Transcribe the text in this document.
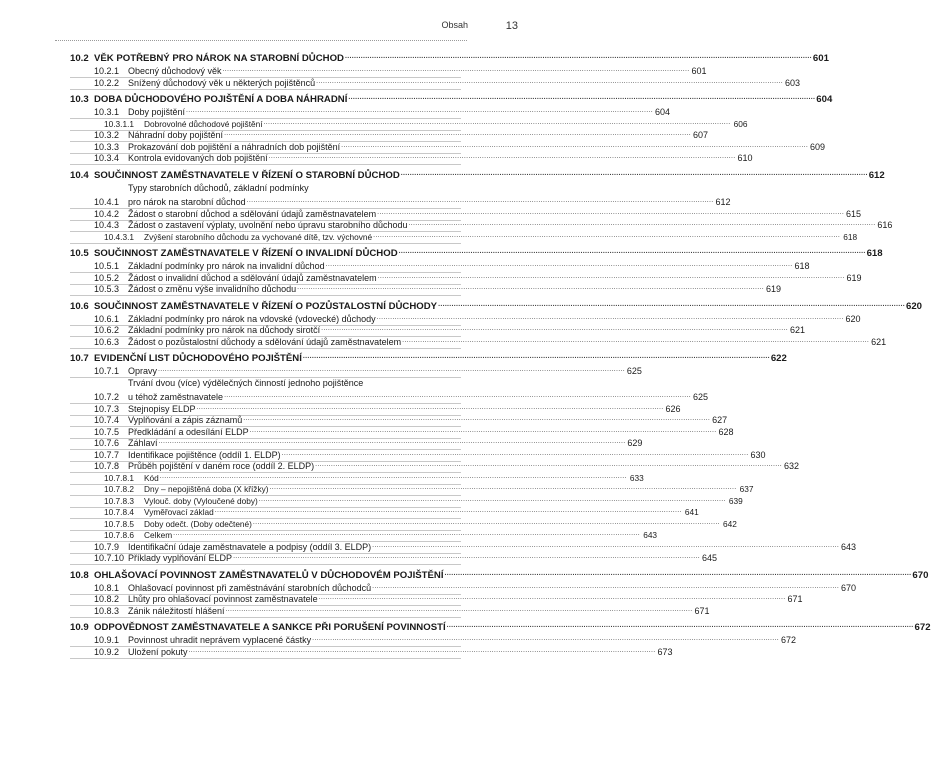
Obsah	13
10.2 VĚK POTŘEBNÝ PRO NÁROK NA STAROBNÍ DŮCHOD .....	601
10.2.1 Obecný důchodový věk .....	601
10.2.2 Snížený důchodový věk u některých pojištěnců .....	603
10.3 DOBA DŮCHODOVÉHO POJIŠTĚNÍ A DOBA NÁHRADNÍ .....	604
10.3.1 Doby pojištění .....	604
10.3.1.1	Dobrovolné důchodové pojištění .....	606
10.3.2 Náhradní doby pojištění .....	607
10.3.3 Prokazování dob pojištění a náhradních dob pojištění .....	609
10.3.4 Kontrola evidovaných dob pojištění .....	610
10.4 SOUČINNOST ZAMĚSTNAVATELE V ŘÍZENÍ O STAROBNÍ DŮCHOD .....	612
10.4.1
Typy starobních důchodů, základní podmínky
pro nárok na starobní důchod .....	612
10.4.2 Žádost o starobní důchod a sdělování údajů zaměstnavatelem .....	615
10.4.3 Žádost o zastavení výplaty, uvolnění nebo úpravu starobního důchodu .....	616
10.4.3.1	Zvýšení starobního důchodu za vychované dítě, tzv. výchovné .....	618
10.5 SOUČINNOST ZAMĚSTNAVATELE V ŘÍZENÍ O INVALIDNÍ DŮCHOD .....	618
10.5.1 Základní podmínky pro nárok na invalidní důchod .....	618
10.5.2 Žádost o invalidní důchod a sdělování údajů zaměstnavatelem .....	619
10.5.3 Žádost o změnu výše invalidního důchodu .....	619
10.6 SOUČINNOST ZAMĚSTNAVATELE V ŘÍZENÍ O POZŮSTALOSTNÍ DŮCHODY .....	620
10.6.1 Základní podmínky pro nárok na vdovské (vdovecké) důchody .....	620
10.6.2 Základní podmínky pro nárok na důchody sirotčí .....	621
10.6.3 Žádost o pozůstalostní důchody a sdělování údajů zaměstnavatelem .....	621
10.7 EVIDENČNÍ LIST DŮCHODOVÉHO POJIŠTĚNÍ .....	622
10.7.1 Opravy .....	625
10.7.2
Trvání dvou (více) výdělečných činností jednoho pojištěnce
u téhož zaměstnavatele .....	625
10.7.3 Stejnopisy ELDP .....	626
10.7.4 Vyplňování a zápis záznamů .....	627
10.7.5 Předkládání a odesílání ELDP .....	628
10.7.6 Záhlaví .....	629
10.7.7 Identifikace pojištěnce (oddíl 1. ELDP) .....	630
10.7.8 Průběh pojištění v daném roce (oddíl 2. ELDP) .....	632
10.7.8.1	Kód .....	633
10.7.8.2	Dny – nepojištěná doba (X křížky) .....	637
10.7.8.3	Vylouč. doby (Vyloučené doby) .....	639
10.7.8.4	Vyměřovací základ .....	641
10.7.8.5	Doby odečt. (Doby odečtené) .....	642
10.7.8.6	Celkem .....	643
10.7.9 Identifikační údaje zaměstnavatele a podpisy (oddíl 3. ELDP) .....	643
10.7.10 Příklady vyplňování ELDP .....	645
10.8 OHLAŠOVACÍ POVINNOST ZAMĚSTNAVATELŮ V DŮCHODOVÉM POJIŠTĚNÍ .....	670
10.8.1 Ohlašovací povinnost při zaměstnávání starobních důchodců .....	670
10.8.2 Lhůty pro ohlašovací povinnost zaměstnavatele .....	671
10.8.3 Zánik náležitostí hlášení .....	671
10.9 ODPOVĚDNOST ZAMĚSTNAVATELE A SANKCE PŘI PORUŠENÍ POVINNOSTÍ .....	672
10.9.1 Povinnost uhradit neprávem vyplacené částky .....	672
10.9.2 Uložení pokuty .....	673
